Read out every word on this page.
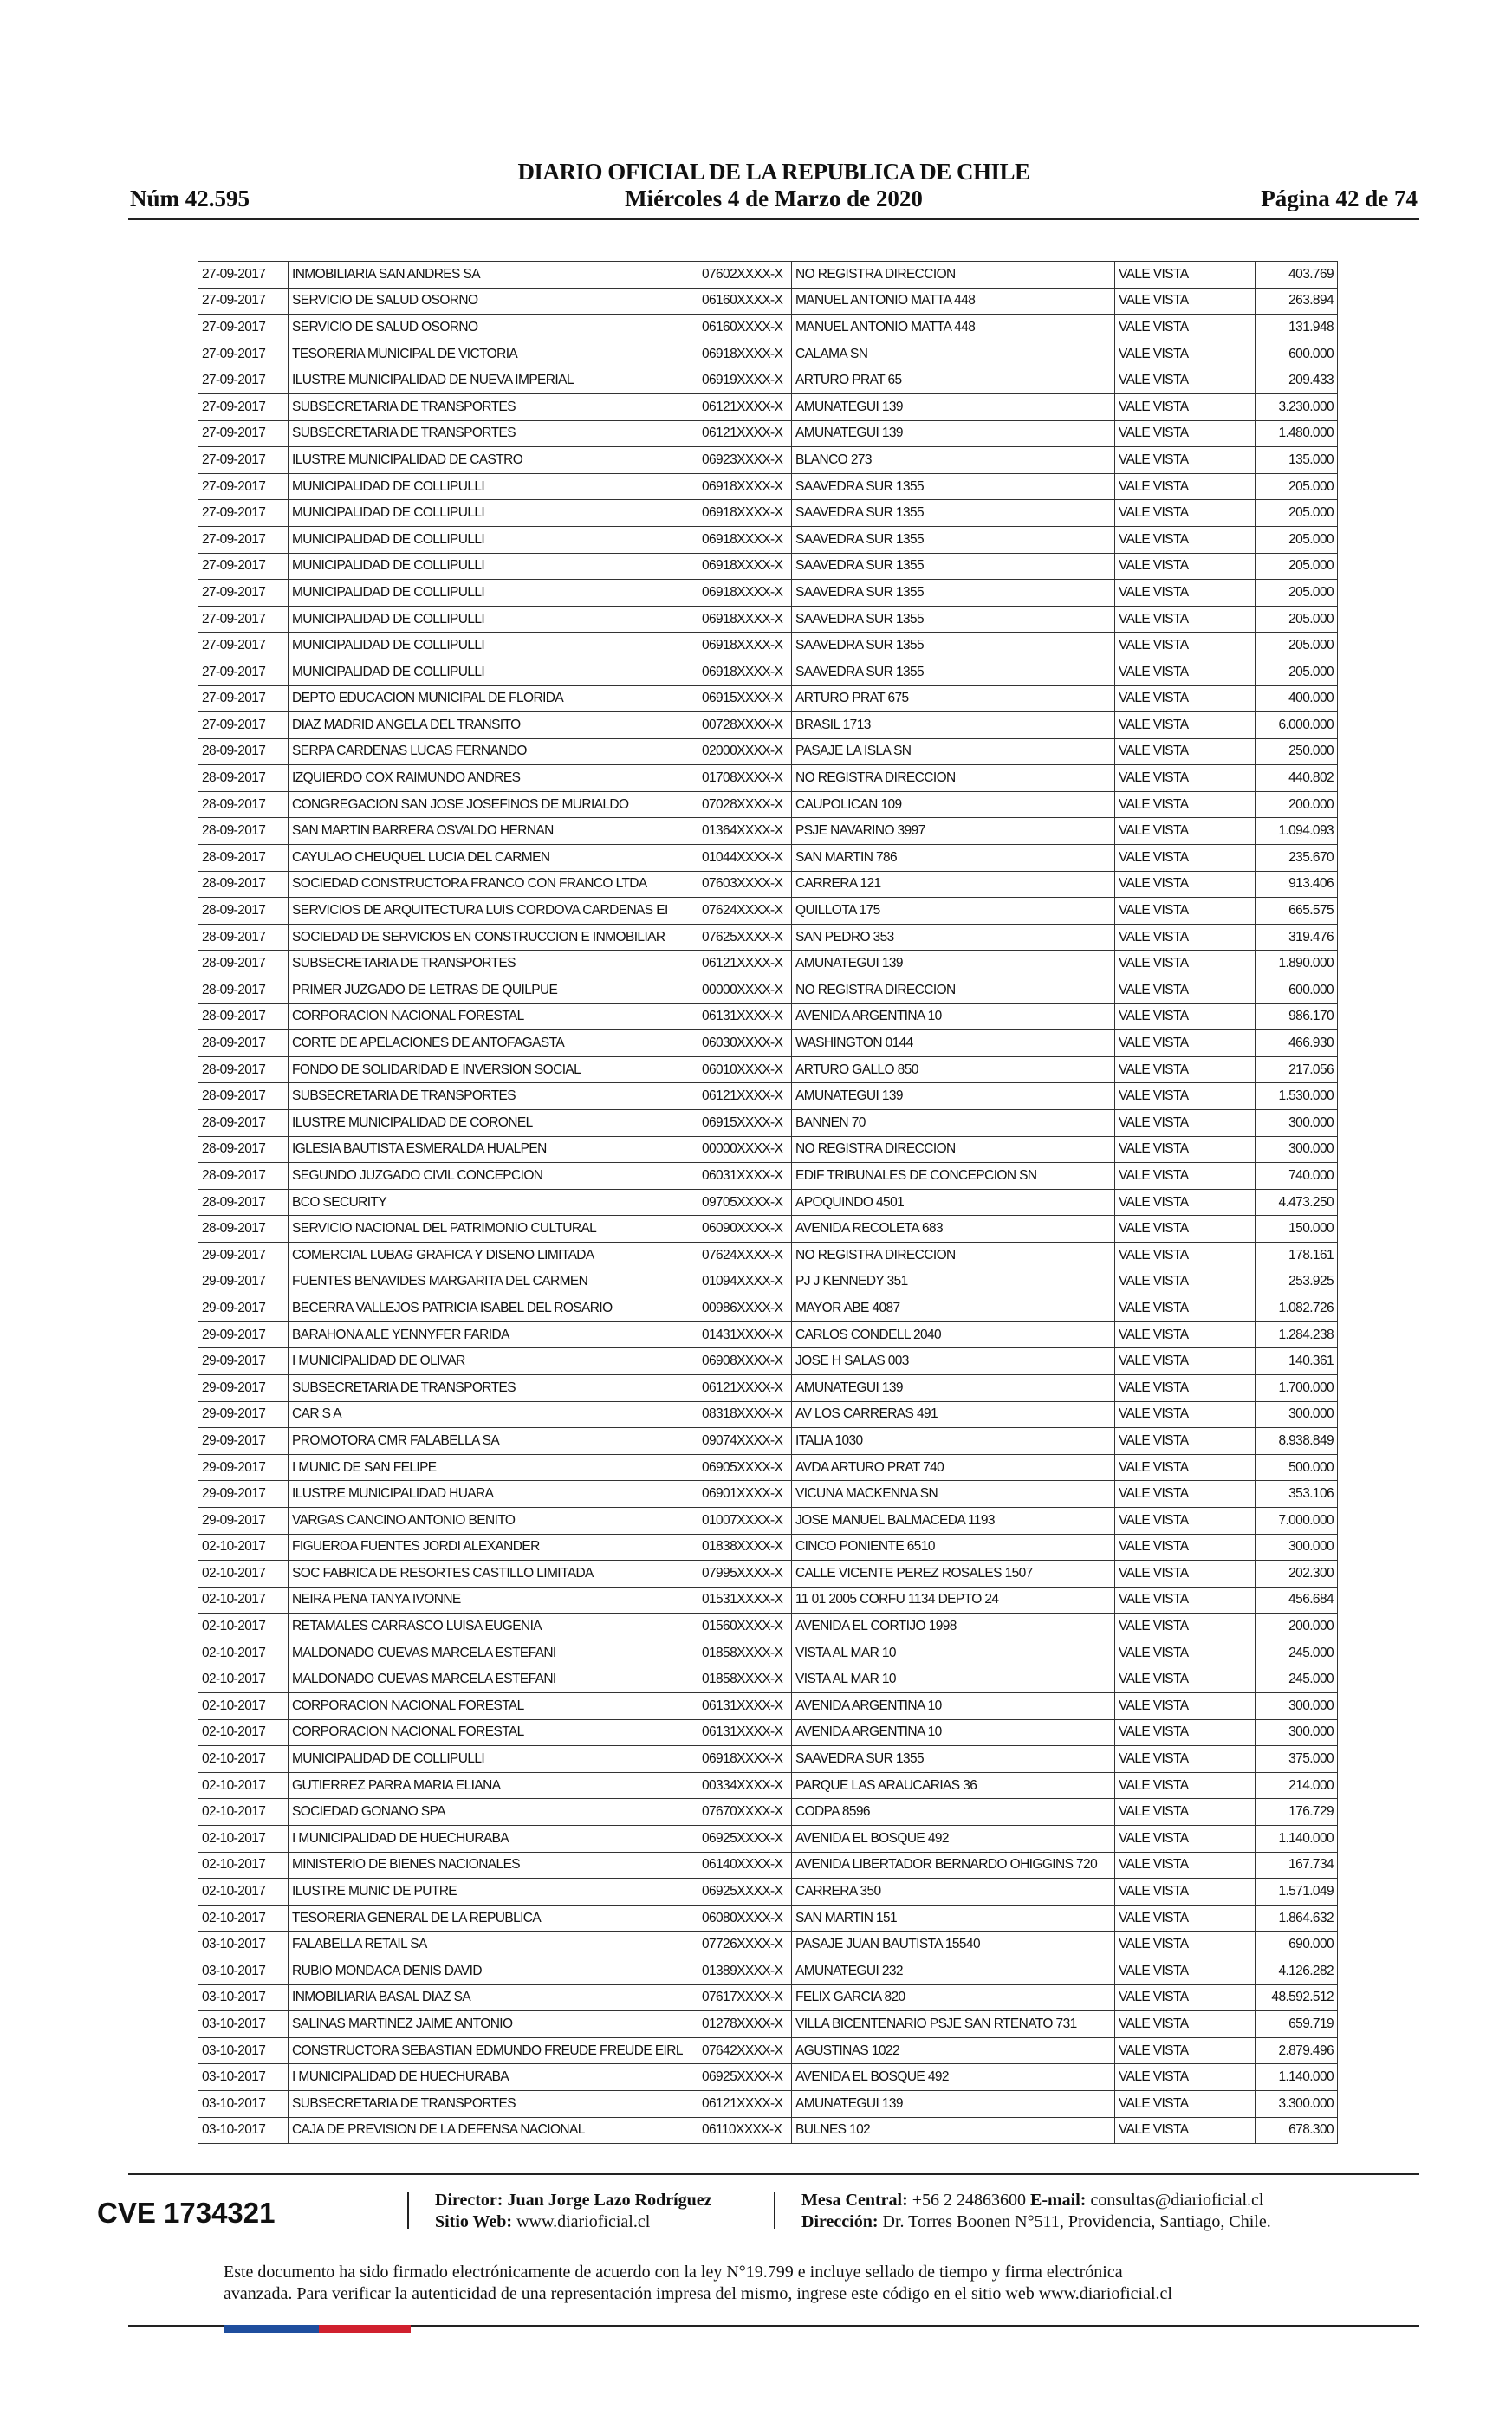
DIARIO OFICIAL DE LA REPUBLICA DE CHILE
Núm 42.595	Miércoles 4 de Marzo de 2020	Página 42 de 74
27-09-2017	INMOBILIARIA SAN ANDRES SA	07602XXXX-X	NO REGISTRA DIRECCION	VALE VISTA	403.769
27-09-2017	SERVICIO DE SALUD OSORNO	06160XXXX-X	MANUEL ANTONIO MATTA 448	VALE VISTA	263.894
27-09-2017	SERVICIO DE SALUD OSORNO	06160XXXX-X	MANUEL ANTONIO MATTA 448	VALE VISTA	131.948
27-09-2017	TESORERIA MUNICIPAL DE VICTORIA	06918XXXX-X	CALAMA SN	VALE VISTA	600.000
27-09-2017	ILUSTRE MUNICIPALIDAD DE NUEVA IMPERIAL	06919XXXX-X	ARTURO PRAT 65	VALE VISTA	209.433
27-09-2017	SUBSECRETARIA DE TRANSPORTES	06121XXXX-X	AMUNATEGUI 139	VALE VISTA	3.230.000
27-09-2017	SUBSECRETARIA DE TRANSPORTES	06121XXXX-X	AMUNATEGUI 139	VALE VISTA	1.480.000
27-09-2017	ILUSTRE MUNICIPALIDAD DE CASTRO	06923XXXX-X	BLANCO 273	VALE VISTA	135.000
27-09-2017	MUNICIPALIDAD DE COLLIPULLI	06918XXXX-X	SAAVEDRA SUR 1355	VALE VISTA	205.000
27-09-2017	MUNICIPALIDAD DE COLLIPULLI	06918XXXX-X	SAAVEDRA SUR 1355	VALE VISTA	205.000
27-09-2017	MUNICIPALIDAD DE COLLIPULLI	06918XXXX-X	SAAVEDRA SUR 1355	VALE VISTA	205.000
27-09-2017	MUNICIPALIDAD DE COLLIPULLI	06918XXXX-X	SAAVEDRA SUR 1355	VALE VISTA	205.000
27-09-2017	MUNICIPALIDAD DE COLLIPULLI	06918XXXX-X	SAAVEDRA SUR 1355	VALE VISTA	205.000
27-09-2017	MUNICIPALIDAD DE COLLIPULLI	06918XXXX-X	SAAVEDRA SUR 1355	VALE VISTA	205.000
27-09-2017	MUNICIPALIDAD DE COLLIPULLI	06918XXXX-X	SAAVEDRA SUR 1355	VALE VISTA	205.000
27-09-2017	MUNICIPALIDAD DE COLLIPULLI	06918XXXX-X	SAAVEDRA SUR 1355	VALE VISTA	205.000
27-09-2017	DEPTO EDUCACION MUNICIPAL DE FLORIDA	06915XXXX-X	ARTURO PRAT 675	VALE VISTA	400.000
27-09-2017	DIAZ MADRID ANGELA DEL TRANSITO	00728XXXX-X	BRASIL 1713	VALE VISTA	6.000.000
28-09-2017	SERPA CARDENAS LUCAS FERNANDO	02000XXXX-X	PASAJE LA ISLA SN	VALE VISTA	250.000
28-09-2017	IZQUIERDO COX RAIMUNDO ANDRES	01708XXXX-X	NO REGISTRA DIRECCION	VALE VISTA	440.802
28-09-2017	CONGREGACION SAN JOSE JOSEFINOS DE MURIALDO	07028XXXX-X	CAUPOLICAN 109	VALE VISTA	200.000
28-09-2017	SAN MARTIN BARRERA OSVALDO HERNAN	01364XXXX-X	PSJE NAVARINO 3997	VALE VISTA	1.094.093
28-09-2017	CAYULAO CHEUQUEL LUCIA DEL CARMEN	01044XXXX-X	SAN MARTIN 786	VALE VISTA	235.670
28-09-2017	SOCIEDAD CONSTRUCTORA FRANCO CON FRANCO LTDA	07603XXXX-X	CARRERA 121	VALE VISTA	913.406
28-09-2017	SERVICIOS DE ARQUITECTURA LUIS CORDOVA CARDENAS EI	07624XXXX-X	QUILLOTA 175	VALE VISTA	665.575
28-09-2017	SOCIEDAD DE SERVICIOS EN CONSTRUCCION E INMOBILIAR	07625XXXX-X	SAN PEDRO 353	VALE VISTA	319.476
28-09-2017	SUBSECRETARIA DE TRANSPORTES	06121XXXX-X	AMUNATEGUI 139	VALE VISTA	1.890.000
28-09-2017	PRIMER JUZGADO DE LETRAS DE QUILPUE	00000XXXX-X	NO REGISTRA DIRECCION	VALE VISTA	600.000
28-09-2017	CORPORACION NACIONAL FORESTAL	06131XXXX-X	AVENIDA ARGENTINA 10	VALE VISTA	986.170
28-09-2017	CORTE DE APELACIONES DE ANTOFAGASTA	06030XXXX-X	WASHINGTON 0144	VALE VISTA	466.930
28-09-2017	FONDO DE SOLIDARIDAD E INVERSION SOCIAL	06010XXXX-X	ARTURO GALLO 850	VALE VISTA	217.056
28-09-2017	SUBSECRETARIA DE TRANSPORTES	06121XXXX-X	AMUNATEGUI 139	VALE VISTA	1.530.000
28-09-2017	ILUSTRE MUNICIPALIDAD DE CORONEL	06915XXXX-X	BANNEN 70	VALE VISTA	300.000
28-09-2017	IGLESIA BAUTISTA ESMERALDA HUALPEN	00000XXXX-X	NO REGISTRA DIRECCION	VALE VISTA	300.000
28-09-2017	SEGUNDO JUZGADO CIVIL CONCEPCION	06031XXXX-X	EDIF TRIBUNALES DE CONCEPCION SN	VALE VISTA	740.000
28-09-2017	BCO SECURITY	09705XXXX-X	APOQUINDO 4501	VALE VISTA	4.473.250
28-09-2017	SERVICIO NACIONAL DEL PATRIMONIO CULTURAL	06090XXXX-X	AVENIDA RECOLETA 683	VALE VISTA	150.000
29-09-2017	COMERCIAL LUBAG GRAFICA Y DISENO LIMITADA	07624XXXX-X	NO REGISTRA DIRECCION	VALE VISTA	178.161
29-09-2017	FUENTES BENAVIDES MARGARITA DEL CARMEN	01094XXXX-X	PJ J KENNEDY 351	VALE VISTA	253.925
29-09-2017	BECERRA VALLEJOS PATRICIA ISABEL DEL ROSARIO	00986XXXX-X	MAYOR ABE 4087	VALE VISTA	1.082.726
29-09-2017	BARAHONA ALE YENNYFER FARIDA	01431XXXX-X	CARLOS CONDELL 2040	VALE VISTA	1.284.238
29-09-2017	I MUNICIPALIDAD DE OLIVAR	06908XXXX-X	JOSE H SALAS 003	VALE VISTA	140.361
29-09-2017	SUBSECRETARIA DE TRANSPORTES	06121XXXX-X	AMUNATEGUI 139	VALE VISTA	1.700.000
29-09-2017	CAR S A	08318XXXX-X	AV LOS CARRERAS 491	VALE VISTA	300.000
29-09-2017	PROMOTORA CMR FALABELLA SA	09074XXXX-X	ITALIA 1030	VALE VISTA	8.938.849
29-09-2017	I MUNIC DE SAN FELIPE	06905XXXX-X	AVDA ARTURO PRAT 740	VALE VISTA	500.000
29-09-2017	ILUSTRE MUNICIPALIDAD HUARA	06901XXXX-X	VICUNA MACKENNA SN	VALE VISTA	353.106
29-09-2017	VARGAS CANCINO ANTONIO BENITO	01007XXXX-X	JOSE MANUEL BALMACEDA 1193	VALE VISTA	7.000.000
02-10-2017	FIGUEROA FUENTES JORDI ALEXANDER	01838XXXX-X	CINCO PONIENTE 6510	VALE VISTA	300.000
02-10-2017	SOC FABRICA DE RESORTES CASTILLO LIMITADA	07995XXXX-X	CALLE VICENTE PEREZ ROSALES 1507	VALE VISTA	202.300
02-10-2017	NEIRA PENA TANYA IVONNE	01531XXXX-X	11 01 2005 CORFU 1134 DEPTO 24	VALE VISTA	456.684
02-10-2017	RETAMALES CARRASCO LUISA EUGENIA	01560XXXX-X	AVENIDA EL CORTIJO 1998	VALE VISTA	200.000
02-10-2017	MALDONADO CUEVAS MARCELA ESTEFANI	01858XXXX-X	VISTA AL MAR 10	VALE VISTA	245.000
02-10-2017	MALDONADO CUEVAS MARCELA ESTEFANI	01858XXXX-X	VISTA AL MAR 10	VALE VISTA	245.000
02-10-2017	CORPORACION NACIONAL FORESTAL	06131XXXX-X	AVENIDA ARGENTINA 10	VALE VISTA	300.000
02-10-2017	CORPORACION NACIONAL FORESTAL	06131XXXX-X	AVENIDA ARGENTINA 10	VALE VISTA	300.000
02-10-2017	MUNICIPALIDAD DE COLLIPULLI	06918XXXX-X	SAAVEDRA SUR 1355	VALE VISTA	375.000
02-10-2017	GUTIERREZ PARRA MARIA ELIANA	00334XXXX-X	PARQUE LAS ARAUCARIAS 36	VALE VISTA	214.000
02-10-2017	SOCIEDAD GONANO SPA	07670XXXX-X	CODPA 8596	VALE VISTA	176.729
02-10-2017	I MUNICIPALIDAD DE HUECHURABA	06925XXXX-X	AVENIDA EL BOSQUE 492	VALE VISTA	1.140.000
02-10-2017	MINISTERIO DE BIENES NACIONALES	06140XXXX-X	AVENIDA LIBERTADOR BERNARDO OHIGGINS 720	VALE VISTA	167.734
02-10-2017	ILUSTRE MUNIC DE PUTRE	06925XXXX-X	CARRERA 350	VALE VISTA	1.571.049
02-10-2017	TESORERIA GENERAL DE LA REPUBLICA	06080XXXX-X	SAN MARTIN 151	VALE VISTA	1.864.632
03-10-2017	FALABELLA RETAIL SA	07726XXXX-X	PASAJE JUAN BAUTISTA 15540	VALE VISTA	690.000
03-10-2017	RUBIO MONDACA DENIS DAVID	01389XXXX-X	AMUNATEGUI 232	VALE VISTA	4.126.282
03-10-2017	INMOBILIARIA BASAL DIAZ SA	07617XXXX-X	FELIX GARCIA 820	VALE VISTA	48.592.512
03-10-2017	SALINAS MARTINEZ JAIME ANTONIO	01278XXXX-X	VILLA BICENTENARIO PSJE SAN RTENATO 731	VALE VISTA	659.719
03-10-2017	CONSTRUCTORA SEBASTIAN EDMUNDO FREUDE FREUDE EIRL	07642XXXX-X	AGUSTINAS 1022	VALE VISTA	2.879.496
03-10-2017	I MUNICIPALIDAD DE HUECHURABA	06925XXXX-X	AVENIDA EL BOSQUE 492	VALE VISTA	1.140.000
03-10-2017	SUBSECRETARIA DE TRANSPORTES	06121XXXX-X	AMUNATEGUI 139	VALE VISTA	3.300.000
03-10-2017	CAJA DE PREVISION DE LA DEFENSA NACIONAL	06110XXXX-X	BULNES 102	VALE VISTA	678.300
CVE 1734321	Director: Juan Jorge Lazo Rodríguez
Sitio Web: www.diarioficial.cl
Mesa Central: +56 2 24863600 E-mail: consultas@diarioficial.cl
Dirección: Dr. Torres Boonen N°511, Providencia, Santiago, Chile.
Este documento ha sido firmado electrónicamente de acuerdo con la ley N°19.799 e incluye sellado de tiempo y firma electrónica
avanzada. Para verificar la autenticidad de una representación impresa del mismo, ingrese este código en el sitio web www.diarioficial.cl
